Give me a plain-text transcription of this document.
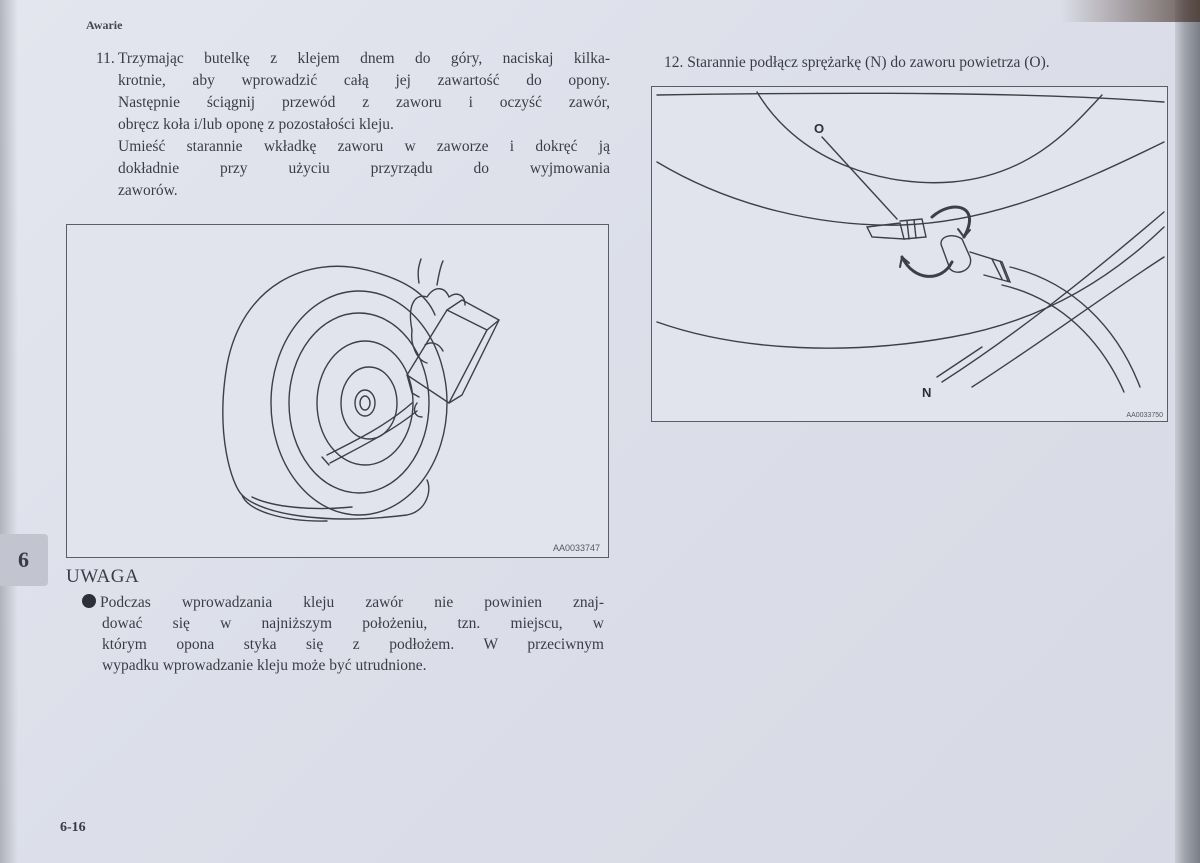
Awarie
11. Trzymając butelkę z klejem dnem do góry, naciskaj kilka-
krotnie, aby wprowadzić całą jej zawartość do opony.
Następnie ściągnij przewód z zaworu i oczyść zawór,
obręcz koła i/lub oponę z pozostałości kleju.
Umieść starannie wkładkę zaworu w zaworze i dokręć ją
dokładnie przy użyciu przyrządu do wyjmowania
zaworów.
12. Starannie podłącz sprężarkę (N) do zaworu powietrza (O).
AA0033747
O
N
AA0033750
6
UWAGA
Podczas wprowadzania kleju zawór nie powinien znaj-
dować się w najniższym położeniu, tzn. miejscu, w
którym opona styka się z podłożem. W przeciwnym
wypadku wprowadzanie kleju może być utrudnione.
6-16
